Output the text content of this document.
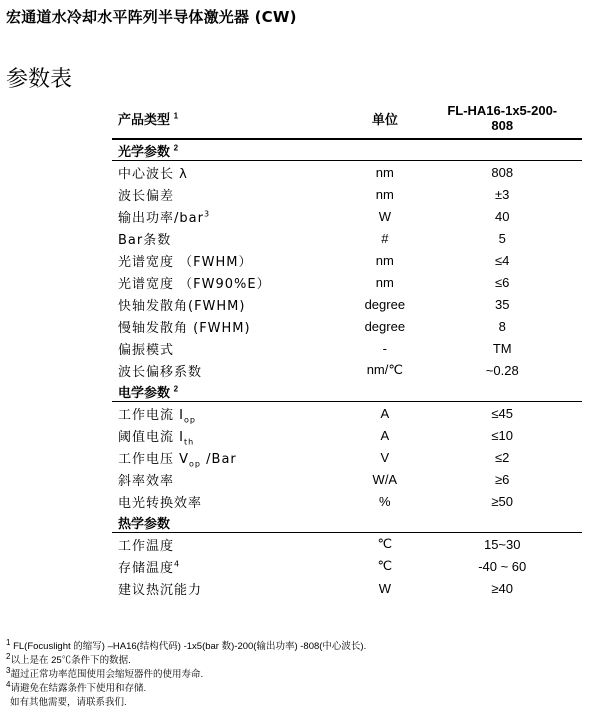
宏通道水冷却水平阵列半导体激光器 (CW)
参数表
产品类型 $^1$	单位	FL-HA16-1x5-200-
808
光学参数 $^2$
中心波长 λ	nm	808
波长偏差	nm	±3
输出功率/bar$^3$	W	40
Bar条数	#	5
光谱宽度 （FWHM）	nm	≤4
光谱宽度 （FW90%E）	nm	≤6
快轴发散角(FWHM)	degree	35
慢轴发散角 (FWHM)	degree	8
偏振模式	-	TM
波长偏移系数	nm/℃	~0.28
电学参数 $^2$
工作电流 $I_{op}$	A	≤45
阈值电流 $I_{th}$	A	≤10
工作电压 $V_{op}$ /Bar	V	≤2
斜率效率	W/A	≥6
电光转换效率	%	≥50
热学参数		
工作温度	℃	15~30
存储温度$^4$	℃	-40 ~ 60
建议热沉能力	W	≥40
$^1$ FL(Focuslight 的缩写) –HA16(结构代码) -1x5(bar 数)-200(输出功率) -808(中心波长).
$^2$以上是在 25℃条件下的数据.
$^3$超过正常功率范围使用会缩短器件的使用寿命.
$^4$请避免在结露条件下使用和存储.
如有其他需要，请联系我们.
